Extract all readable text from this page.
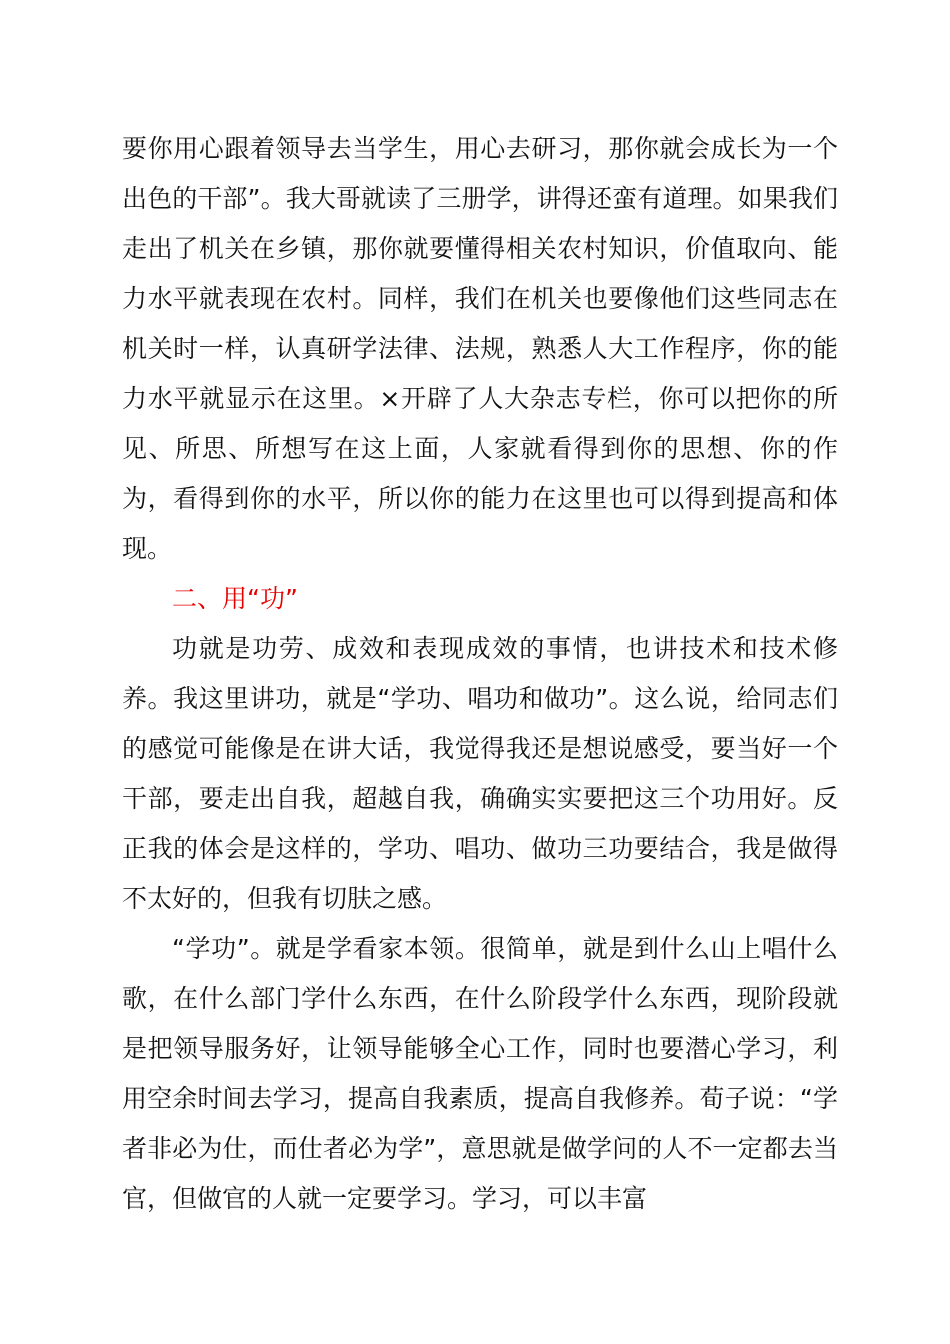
要你用心跟着领导去当学生，用心去研习，那你就会成长为一个出色的干部”。我大哥就读了三册学，讲得还蛮有道理。如果我们走出了机关在乡镇，那你就要懂得相关农村知识，价值取向、能力水平就表现在农村。同样，我们在机关也要像他们这些同志在机关时一样，认真研学法律、法规，熟悉人大工作程序，你的能力水平就显示在这里。×开辟了人大杂志专栏，你可以把你的所见、所思、所想写在这上面，人家就看得到你的思想、你的作为，看得到你的水平，所以你的能力在这里也可以得到提高和体现。

二、用“功”

功就是功劳、成效和表现成效的事情，也讲技术和技术修养。我这里讲功，就是“学功、唱功和做功”。这么说，给同志们的感觉可能像是在讲大话，我觉得我还是想说感受，要当好一个干部，要走出自我，超越自我，确确实实要把这三个功用好。反正我的体会是这样的，学功、唱功、做功三功要结合，我是做得不太好的，但我有切肤之感。

“学功”。就是学看家本领。很简单，就是到什么山上唱什么歌，在什么部门学什么东西，在什么阶段学什么东西，现阶段就是把领导服务好，让领导能够全心工作，同时也要潜心学习，利用空余时间去学习，提高自我素质，提高自我修养。荀子说：“学者非必为仕，而仕者必为学”，意思就是做学问的人不一定都去当官，但做官的人就一定要学习。学习，可以丰富
